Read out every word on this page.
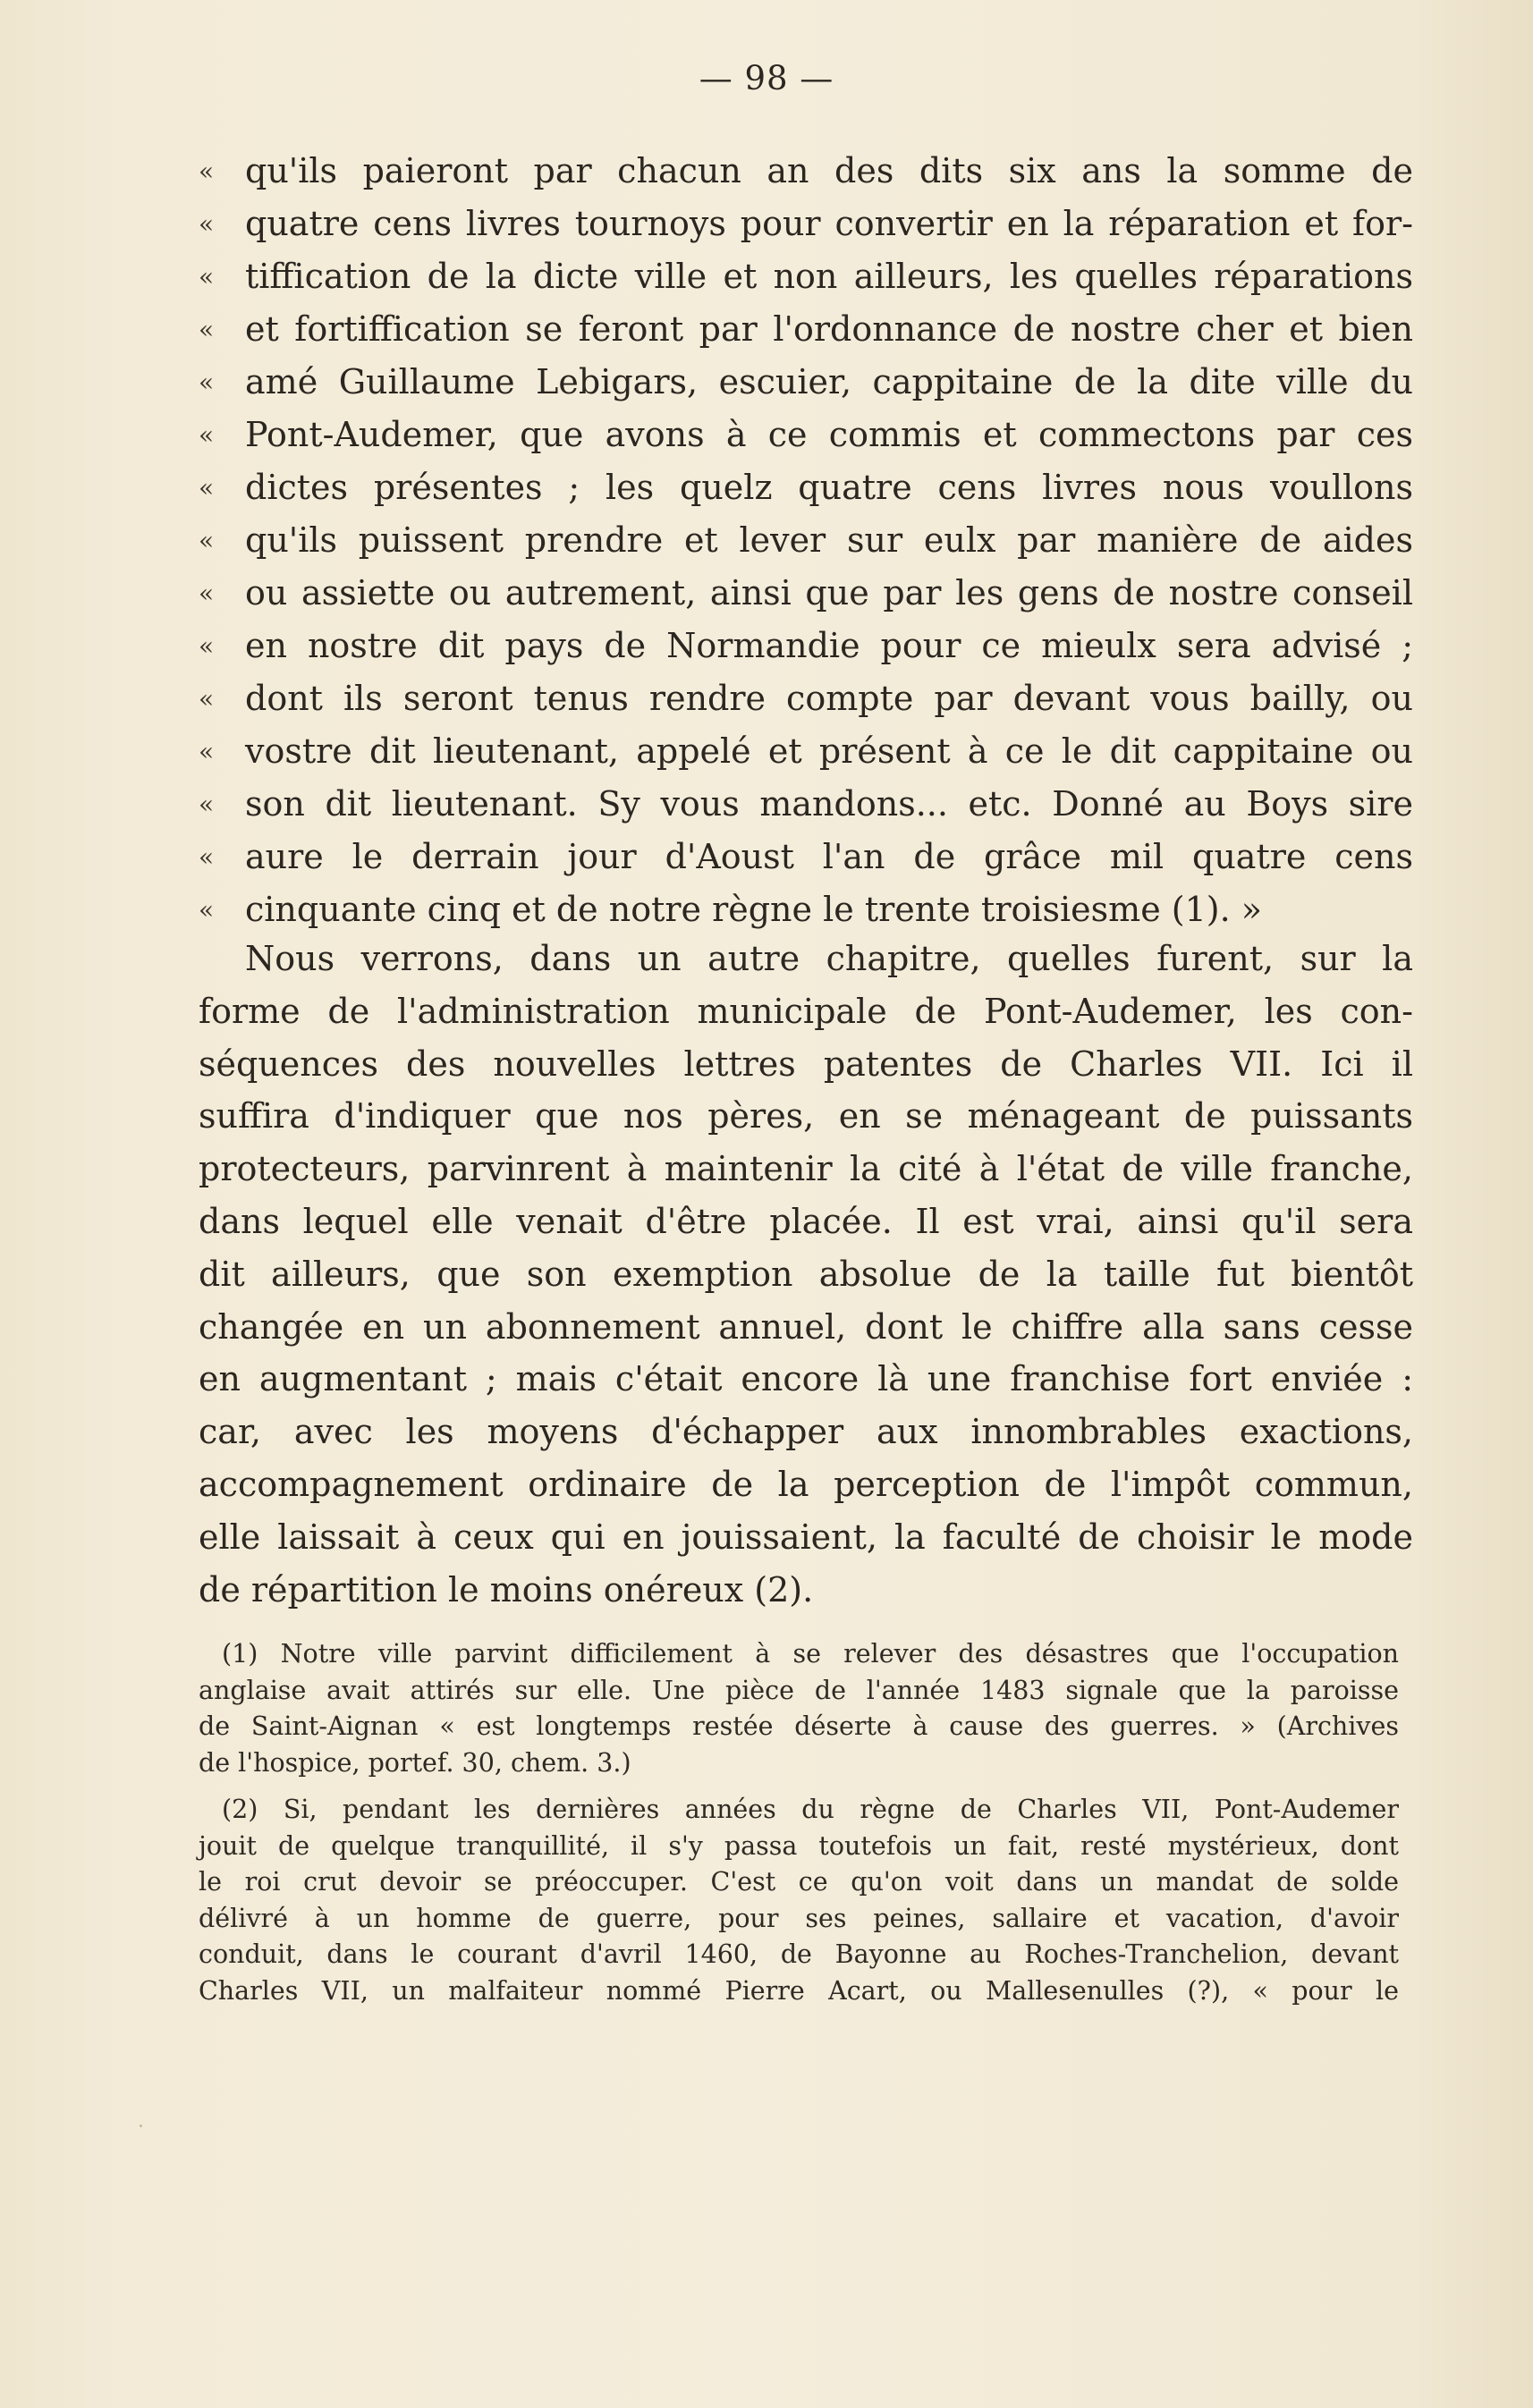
— 98 —
« qu'ils paieront par chacun an des dits six ans la somme de
« quatre cens livres tournoys pour convertir en la réparation et for-
« tiffication de la dicte ville et non ailleurs, les quelles réparations
« et fortiffication se feront par l'ordonnance de nostre cher et bien
« amé Guillaume Lebigars, escuier, cappitaine de la dite ville du
« Pont-Audemer, que avons à ce commis et commectons par ces
« dictes présentes ; les quelz quatre cens livres nous voullons
« qu'ils puissent prendre et lever sur eulx par manière de aides
« ou assiette ou autrement, ainsi que par les gens de nostre conseil
« en nostre dit pays de Normandie pour ce mieulx sera advisé ;
« dont ils seront tenus rendre compte par devant vous bailly, ou
« vostre dit lieutenant, appelé et présent à ce le dit cappitaine ou
« son dit lieutenant. Sy vous mandons... etc. Donné au Boys sire
« aure le derrain jour d'Aoust l'an de grâce mil quatre cens
« cinquante cinq et de notre règne le trente troisiesme (1). »
Nous verrons, dans un autre chapitre, quelles furent, sur la
forme de l'administration municipale de Pont-Audemer, les con-
séquences des nouvelles lettres patentes de Charles VII. Ici il
suffira d'indiquer que nos pères, en se ménageant de puissants
protecteurs, parvinrent à maintenir la cité à l'état de ville franche,
dans lequel elle venait d'être placée. Il est vrai, ainsi qu'il sera
dit ailleurs, que son exemption absolue de la taille fut bientôt
changée en un abonnement annuel, dont le chiffre alla sans cesse
en augmentant ; mais c'était encore là une franchise fort enviée :
car, avec les moyens d'échapper aux innombrables exactions,
accompagnement ordinaire de la perception de l'impôt commun,
elle laissait à ceux qui en jouissaient, la faculté de choisir le mode
de répartition le moins onéreux (2).
(1) Notre ville parvint difficilement à se relever des désastres que l'occupation
anglaise avait attirés sur elle. Une pièce de l'année 1483 signale que la paroisse
de Saint-Aignan « est longtemps restée déserte à cause des guerres. » (Archives
de l'hospice, portef. 30, chem. 3.)
(2) Si, pendant les dernières années du règne de Charles VII, Pont-Audemer
jouit de quelque tranquillité, il s'y passa toutefois un fait, resté mystérieux, dont
le roi crut devoir se préoccuper. C'est ce qu'on voit dans un mandat de solde
délivré à un homme de guerre, pour ses peines, sallaire et vacation, d'avoir
conduit, dans le courant d'avril 1460, de Bayonne au Roches-Tranchelion, devant
Charles VII, un malfaiteur nommé Pierre Acart, ou Mallesenulles (?), « pour le
